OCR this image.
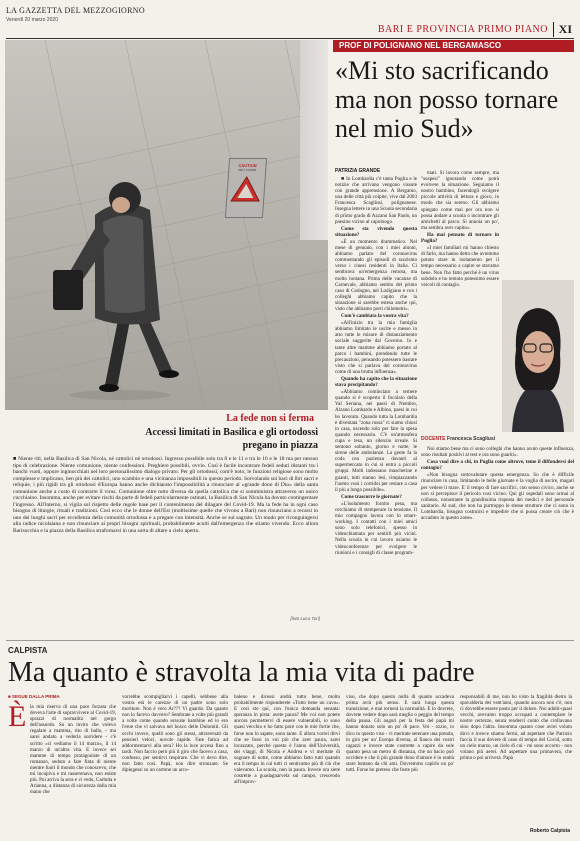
LA GAZZETTA DEL MEZZOGIORNO
Venerdì 20 marzo 2020
BARI E PROVINCIA PRIMO PIANO XI
CAUTION
WET FLOOR
La fede non si ferma
Accessi limitati in Basilica e gli ortodossi pregano in piazza
■ Niente riti, nella Basilica di San Nicola, né cattolici né ortodossi. Ingresso possibile solo tra 8 e le 11 e tra le 16 e le 18 ma per nessun tipo di celebrazione. Niente comunione, niente confessioni. Preghiere possibili, ovvio. Così è facile incontrare fedeli seduti distanti tra i banchi vuoti, oppure inginocchiati nel loro personalissimo dialogo privato. Per gli ortodossi, com'è noto, le funzioni religiose sono molto complesse e implicano, ben più dei cattolici, uno scambio e una vicinanza impossibili in questo periodo. Sorvolando sui baci di lbri sacri e reliquie, i più rigidi tra gli ortodossi d'Europa hanno anche dichiarato l'impossibilità a rinunciare al «grande dono di Dio» della santa comunione anche a costo di contrarre il virus. Comunione oltre tutto diversa da quella cattolica che si somministra attraverso un unico cucchiaino. Insomma, anche per evitare rischi da parte di fedeli particolarmente ostinati, la Basilica di San Nicola ha dovuto contingentare l'ingresso. All'interno, si vigila sul rispetto delle regole base per il contenimento del dilagare del Covid-19. Ma la fede ha in ogni caso bisogno di liturgie, rituali e tradizioni. Così ecco che le donne dell'Est (moltissime quelle che vivono a Bari) non rinunciano a recarsi in uno dei luoghi sacri per eccellenza della comunità ortodossa e a pregare con intensità. Anche se sul sagrato. Un modo per riconguingersi alla radice nicolaiana e non rinunciare ai propri bisogni spirituali, probabilmente acuiti dall'emergenza che stiamo vivendo. Ecco allora Barisocchia e la piazza della Basilica strafornarsi in una sorta di altare a cielo aperto.
[foto Luca Turi]
PROF DI POLIGNANO NEL BERGAMASCO
«Mi sto sacrificando ma non posso tornare nel mio Sud»
PATRIZIA GRANDE

■ In Lombardia c'è tanta Puglia e le notizie che arrivano vengono vissute con grande apprensione. A Bergamo, una delle città più colpite, vive dal 2003 Francesca Scagliusi, polignanese. Insegna lettere in una Scuola secondaria di primo grado di Azzano San Paolo, un paesino vicino al capoluogo.

Come sta vivendo questa situazione?

«È un momento drammatico. Nel mese di gennaio, con i miei alunni, abbiamo parlato del coronavirus commentando gli episodi di razzismo verso i cinesi residenti in Italia. Ci sembrava un'emergenza remota, ma molto lontana. Prima delle vacanze di Carnevale, abbiamo sentito del primo caso di Codogno, nel Lodigiano e con i colleghi abbiamo capito che la situazione si sarebbe estesa anche qui, visto che abbiamo porti chilometri».

Com'è cambiata la vostra vita?

«All'inizio tra la mia famiglia abbiamo limitato le uscite e messo in atto tutte le misure di distanziamento sociale suggerite dal Governo. Io e tante altre mamme abbiamo portato al parco i bambini, prendendo tutte le precauzioni, pensando potessero bastare visto che si parlava del coronavirus come di una brutta influenza».

Quando ha capito che la situazione stava precipitando?

«Abbiamo cominciato a temere quando si è scoperto il focolaio della Val Seriana, nei paesi di Nembro, Alzano Lombardo e Albino, paesi in cui ho lavorato. Quando tutta la Lombardia è diventata "zona rossa" ci siamo chiusi in casa, uscendo solo per fare la spesa quando necessario. C'è un'atmosfera cupa e tesa, un silenzio irreale. Si sentono soltanto, giorno e notte, le sirene delle ambulanze. La gente fa la coda con pazienza davanti al supermercato in cui si entra a piccoli gruppi. Molti indossano mascherine e guanti, tutti stanno lesi, rimpiazzando l'uomo vuoi i corridoi per restare a casa il più a lungo possibile».

Come trascorre le giornate?

«L'isolamento fornito pesa, ma cerchiamo di stemperare la tensione. Il mio compagno lavora con lo smart-working. I contatti con i miei amici sono solo telefonici, spesso in videochiamata per sentirli più vicini. Nella scuola in cui lavoro usiamo le videoconferenze per svolgere le riunioni e i consigli di classe program-

mati. Si lavora come sempre, ma "sospesi" ignorando come potrà evolvere la situazione. Seguiamo il nostro bambino, facendogli svolgere piccole attività di lettura e gioco, in modo che sia sereno. Gli abbiamo spiegato come mai per ora non si possa andare a scuola o incontrare gli amichetti al parco. Si annoia un po', ma sembra aver capito».

Ha mai pensato di tornare in Puglia?

«I miei familiari mi hanno chiesto di farlo, ma hanno detto che avremmo potuto stare in isolamento per il tempo necessario a capire se stavamo bene. Non l'ho fatto perché è un virus subdolo e ho temuto potessimo essere veicoli di contagio.

DOCENTE Francesca Scagliusi

Noi stiamo bene ma ci sono colleghi che hanno avuto queste influenza, sono risultati positivi al test e ora sono guariti».

Cosa vuol dire a chi, in Puglia come altrove, teme il diffondersi del contagio?

«Non bisogna sottovalutare questa emergenza. So che è difficile rinunciare in casa, limitando le belle giornate e la voglia di uscire, magari per vedere il mare. E' il tempo di fare sacrifici, con senso civico, anche se non si percepisce il pericolo così vicino. Qui gli ospedali sono ormai al collasso, nonostante la grandissima risposta dei medici e del personale sanitario. Al sud, che non ha purtroppo le stesse strutture che ci sono in Lombardia, bisogna costruirsi e impedire che si possa creare ciò che è accaduto in questo zone».

CALPISTA
Ma quanto è stravolta la mia vita di padre
■ SEGUE DALLA PRIMA
È la mia riserva di una pace forzata che doveva l'arte di sopravvivere al Covid-19, sprazzi di normalità nel gorgo dell'assurdo. Su un invito che volevo regalare a mamma, rito di ballo, - ma sarei andato a vederla sorridere - c'è scritto «ci vediamo il 14 marzo», il 14 marzo di un'altra vita. E invece sei mamme di tempo protagoniste di un romanzo, seduto a fare finta di niente mentre fuori il mondo che conoscevo, che mi incupiva e mi rasserenava, non esiste più. Poi arriva la sera e vi vedo, Carlotta e Arianna, a distanza di sicurezza dalla mia mano che
vorrebbe scompigliarvi i capelli, sebbene alla vostra età le carezze di un padre sono solo moriture. Non è vero Ar??? Vi guardo. Da quanto non lo facevo davvero? Sembrate a volte più grandi a volte come quando eravate bambine ed io ero l'eroe che vi salvava nel bosco delle Dolomiti. Gli occhi invece, quelli sono gli stessi, attraversati da pensieri veloci, nuvole rapide. Fate fatica ad addormentarvi alla sera? Ho la luce accesa fino a tardi. Non faccio però più il giro che facevo a casa, confesso, per sentirvi respirare. Che vi devo dire, non fatto così. Papà, non dire stronzate. Se dipingessi su un cartone un arco-
baleno e dicessi andrà tutto bene, molto probabilmente risponderete «Tutto bene un cavo». E così sto qui, con l'unica domanda sensata: speranza in pista: avete paura? Me voi non potete ancora permettervi di essere vulnerabili, io sono quasi vecchio e ho fatto pace con le mie fortie che, forse non lo sapete, sono tante. E allora vorrei dirvi che se fossi in voi più che aver paura, sarei incazzato, perché questo è l'anno dell'Università, dei viaggi, di Nicola e Andrea e vi meritate di sognare di notte, come abbiamo fatto tutti quando era il tempo in cui tutti ci sentivamo più di ciò che valevamo. La scuola, non la paura. Invece ora siete costrette a guadagnarvela sul campo, crescendo all'improv-
viso, che dopo questo nulla di quanto accadeva prima avrà più senso. E sarà lunga questa transizione, e mai tornerà la normalità. E lo dovrete, dovrete vedere dopo sarà meglio o peggio del tempo della pausa. Gli auguri per la festa del papà mi hanno donato solo un po' di pace. Voi - ozzio, io dico in questo viso - vi meritate serenare una prenda, in giro per un' Europa diversa, al fianco dei vostri ragazzi e invece state costrette a capire da sole quanto pesa un metro di distanza, che un bacio può uccidere e che il più grande dono d'amore è in realtà stare lontano da chi ami. Dovremmo capirlo un po' tutti. Forse ho preteso che foste più
responsabili di me, non ho visto la fragilità dietro la spavalderia dei vent'anni, quando ancora non c'è, non ci dovrebbe essere posto per il dolore. Noi adulti-quasi vecchi, avevamo troppo occupati a contemplare le nostre certezze, senza renderci conto che crollavano sino dopo l'altra. Insomma quanto cose avrei voluto dirvi e invece stiamo fermi, ad aspettare che Patrizio faccia il suo dovere di cane di tempo del Covid, sotto un cielo marzo, un cielo di cui - mi sono accorto - non volano più aerei. Ad aspettare una primavera, che prima o poi arriverà. Papà
Roberto Calpista
